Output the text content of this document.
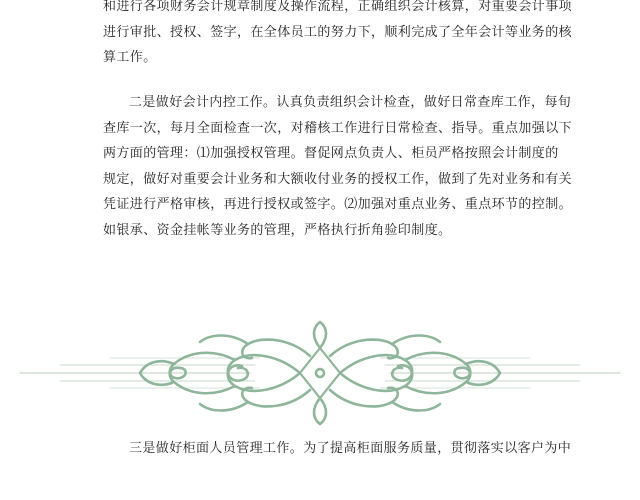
和进行各项财务会计规章制度及操作流程，正确组织会计核算，对重要会计事项
进行审批、授权、签字，在全体员工的努力下，顺利完成了全年会计等业务的核
算工作。
二是做好会计内控工作。认真负责组织会计检查，做好日常查库工作，每旬
查库一次，每月全面检查一次，对稽核工作进行日常检查、指导。重点加强以下
两方面的管理：⑴加强授权管理。督促网点负责人、柜员严格按照会计制度的
规定，做好对重要会计业务和大额收付业务的授权工作，做到了先对业务和有关
凭证进行严格审核，再进行授权或签字。⑵加强对重点业务、重点环节的控制。
如银承、资金挂帐等业务的管理，严格执行折角验印制度。
三是做好柜面人员管理工作。为了提高柜面服务质量，贯彻落实以客户为中
